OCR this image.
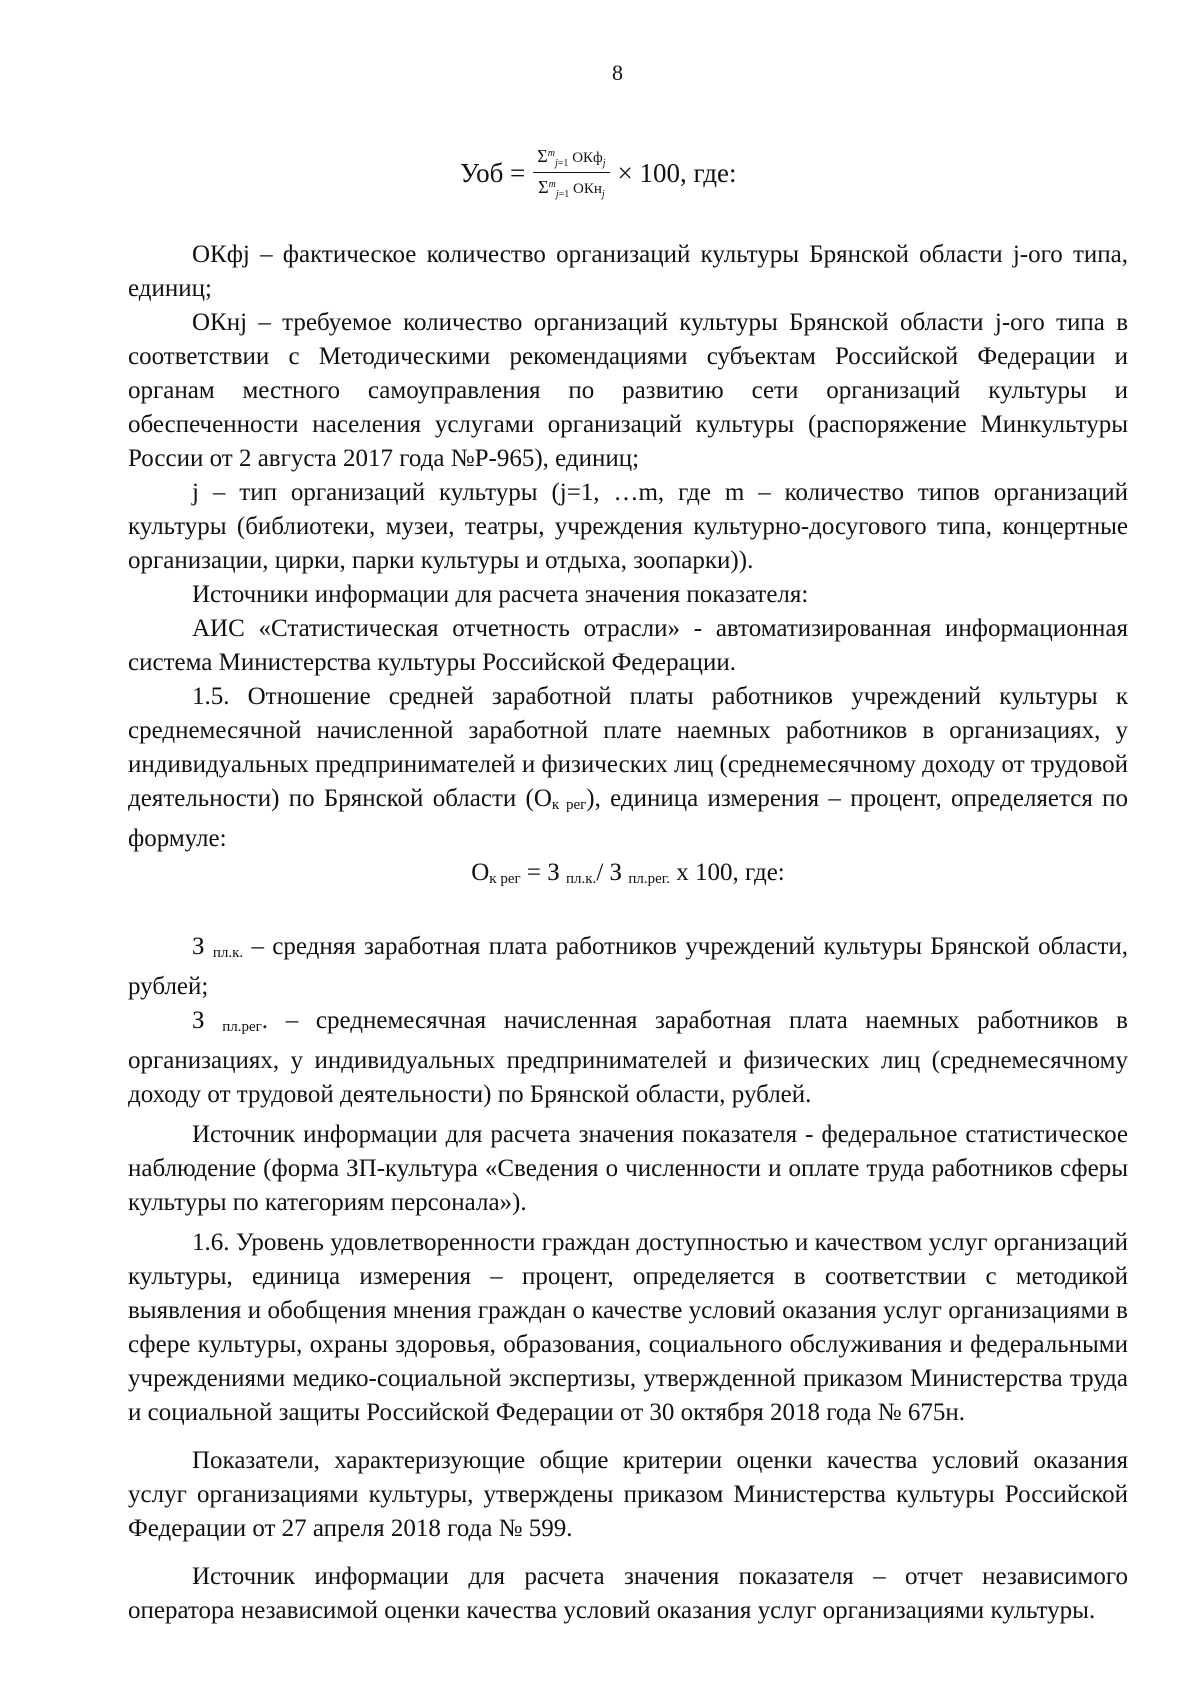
8
Уоб = $\frac{\Sigma^m_{j=1} ОКф_j}{\Sigma^m_{j=1} ОКн_j} \times 100$, где:

ОКфj – фактическое количество организаций культуры Брянской области j-ого типа, единиц;

ОКнj – требуемое количество организаций культуры Брянской области j-ого типа в соответствии с Методическими рекомендациями субъектам Российской Федерации и органам местного самоуправления по развитию сети организаций культуры и обеспеченности населения услугами организаций культуры (распоряжение Минкультуры России от 2 августа 2017 года №Р-965), единиц;

j – тип организаций культуры (j=1, …m, где m – количество типов организаций культуры (библиотеки, музеи, театры, учреждения культурно-досугового типа, концертные организации, цирки, парки культуры и отдыха, зоопарки)).

Источники информации для расчета значения показателя:

АИС «Статистическая отчетность отрасли» - автоматизированная информационная система Министерства культуры Российской Федерации.

1.5. Отношение средней заработной платы работников учреждений культуры к среднемесячной начисленной заработной плате наемных работников в организациях, у индивидуальных предпринимателей и физических лиц (среднемесячному доходу от трудовой деятельности) по Брянской области $(О_{к рег})$, единица измерения – процент, определяется по формуле:

$О_{к рег} = З$ $_{пл.к.}$/ З $_{пл.рег.}$ х 100, где:

З $_{пл.к.}$ – средняя заработная плата работников учреждений культуры Брянской области, рублей;

З $_{пл.рег}$. – среднемесячная начисленная заработная плата наемных работников в организациях, у индивидуальных предпринимателей и физических лиц (среднемесячному доходу от трудовой деятельности) по Брянской области, рублей.

Источник информации для расчета значения показателя - федеральное статистическое наблюдение (форма ЗП-культура «Сведения о численности и оплате труда работников сферы культуры по категориям персонала»).

1.6. Уровень удовлетворенности граждан доступностью и качеством услуг организаций культуры, единица измерения – процент, определяется в соответствии с методикой выявления и обобщения мнения граждан о качестве условий оказания услуг организациями в сфере культуры, охраны здоровья, образования, социального обслуживания и федеральными учреждениями медико-социальной экспертизы, утвержденной приказом Министерства труда и социальной защиты Российской Федерации от 30 октября 2018 года № 675н.

Показатели, характеризующие общие критерии оценки качества условий оказания услуг организациями культуры, утверждены приказом Министерства культуры Российской Федерации от 27 апреля 2018 года № 599.

Источник информации для расчета значения показателя – отчет независимого оператора независимой оценки качества условий оказания услуг организациями культуры.
